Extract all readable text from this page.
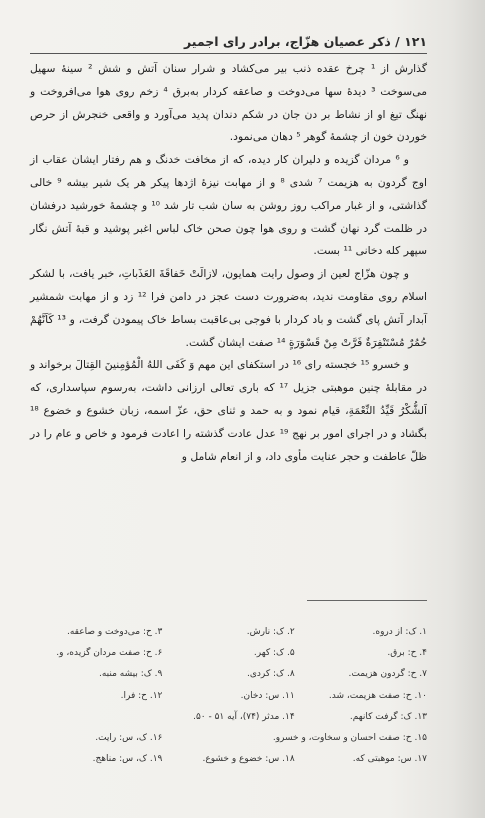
۱۲۱ / ذکر عصیان هزّاج، برادر رای اجمیر

گذارش از ¹ چرخ عقده ذنب بیر می‌کشاد و شرار سنان آتش و شش ² سینهٔ سهیل می‌سوخت ³ دیدهٔ سها می‌دوخت و صاعقه کردار به‌برق ⁴ زخم روی هوا می‌افروخت و نهنگ تیغ او از نشاط بر دن جان در شکم دندان پدید می‌آورد و واقعی خنجرش از حرص خوردن خون از چشمهٔ گوهر ⁵ دهان می‌نمود.

و ⁶ مردان گزیده و دلیران کار دیده، که از مخافت خدنگ و هم رفتار ایشان عقاب از اوج گردون به هزیمت ⁷ شدی ⁸ و از مهابت نیزهٔ اژدها پیکر هر یک شیر بیشه ⁹ خالی گذاشتی، و از غبار مراکب روز روشن به سان شب تار شد ¹⁰ و چشمهٔ خورشید درفشان در ظلمت گرد نهان گشت و روی هوا چون صحن خاک لباس اغبر پوشید و قبهٔ آتش نگار سپهر کله دخانی ¹¹ بست.

و چون هزّاج لعین از وصول رایت همایون، لازالَتْ خَفاقَةَ العَذَباتِ، خبر یافت، با لشکر اسلام روی مقاومت ندید، به‌ضرورت دست عجز در دامن فرا ¹² زد و از مهابت شمشیر آبدار آتش پای گشت و باد کردار با فوجی بی‌عاقبت بساط خاک پیمودن گرفت، و ¹³ کَاَنَّهُمْ حُمُرٌ مُسْتَنْفِرَةٌ فَرَّتْ مِنْ قَسْوَرَةٍ ¹⁴ صفت ایشان گشت.

و خسرو ¹⁵ خجسته رای ¹⁶ در استکفای این مهم وَ کَفَی اللهُ الْمُؤمِنینَ القِتالَ برخواند و در مقابلهٔ چنین موهبتی جزیل ¹⁷ که باری تعالی ارزانی داشت، به‌رسوم سپاسداری، که اَلشُّکْرُ قَیِّدُ النِّعْمَةِ، قیام نمود و به حمد و ثنای حق، عزّ اسمه، زبان خشوع و خضوع ¹⁸ بگشاد و در اجرای امور بر نهج ¹⁹ عدل عادت گذشته را اعادت فرمود و خاص و عام را در ظلّ عاطفت و حجر عنایت مأوی داد، و از انعام شامل و

۱. ک: از دروه.
۲. ک: نارش.
۳. ح: می‌دوخت و صاعقه.
۴. ح: برق.
۵. ک: کهر.
۶. ح: صفت مردان گزیده، و.
۷. ح: گردون هزیمت.
۸. ک: کردی.
۹. ک: بیشه منبه.
۱۰. ح: صفت هزیمت، شد.
۱۱. س: دخان.
۱۲. ح: فرا.
۱۳. ک: گرفت کانهم.
۱۴. مدثر (۷۴)، آیه ۵۱ - ۵۰.
۱۵. ح: صفت احسان و سخاوت، و خسرو.
۱۶. ک، س: رایت.
۱۷. س: موهبتی که.
۱۸. س: خضوع و خشوع.
۱۹. ک، س: مناهج.
